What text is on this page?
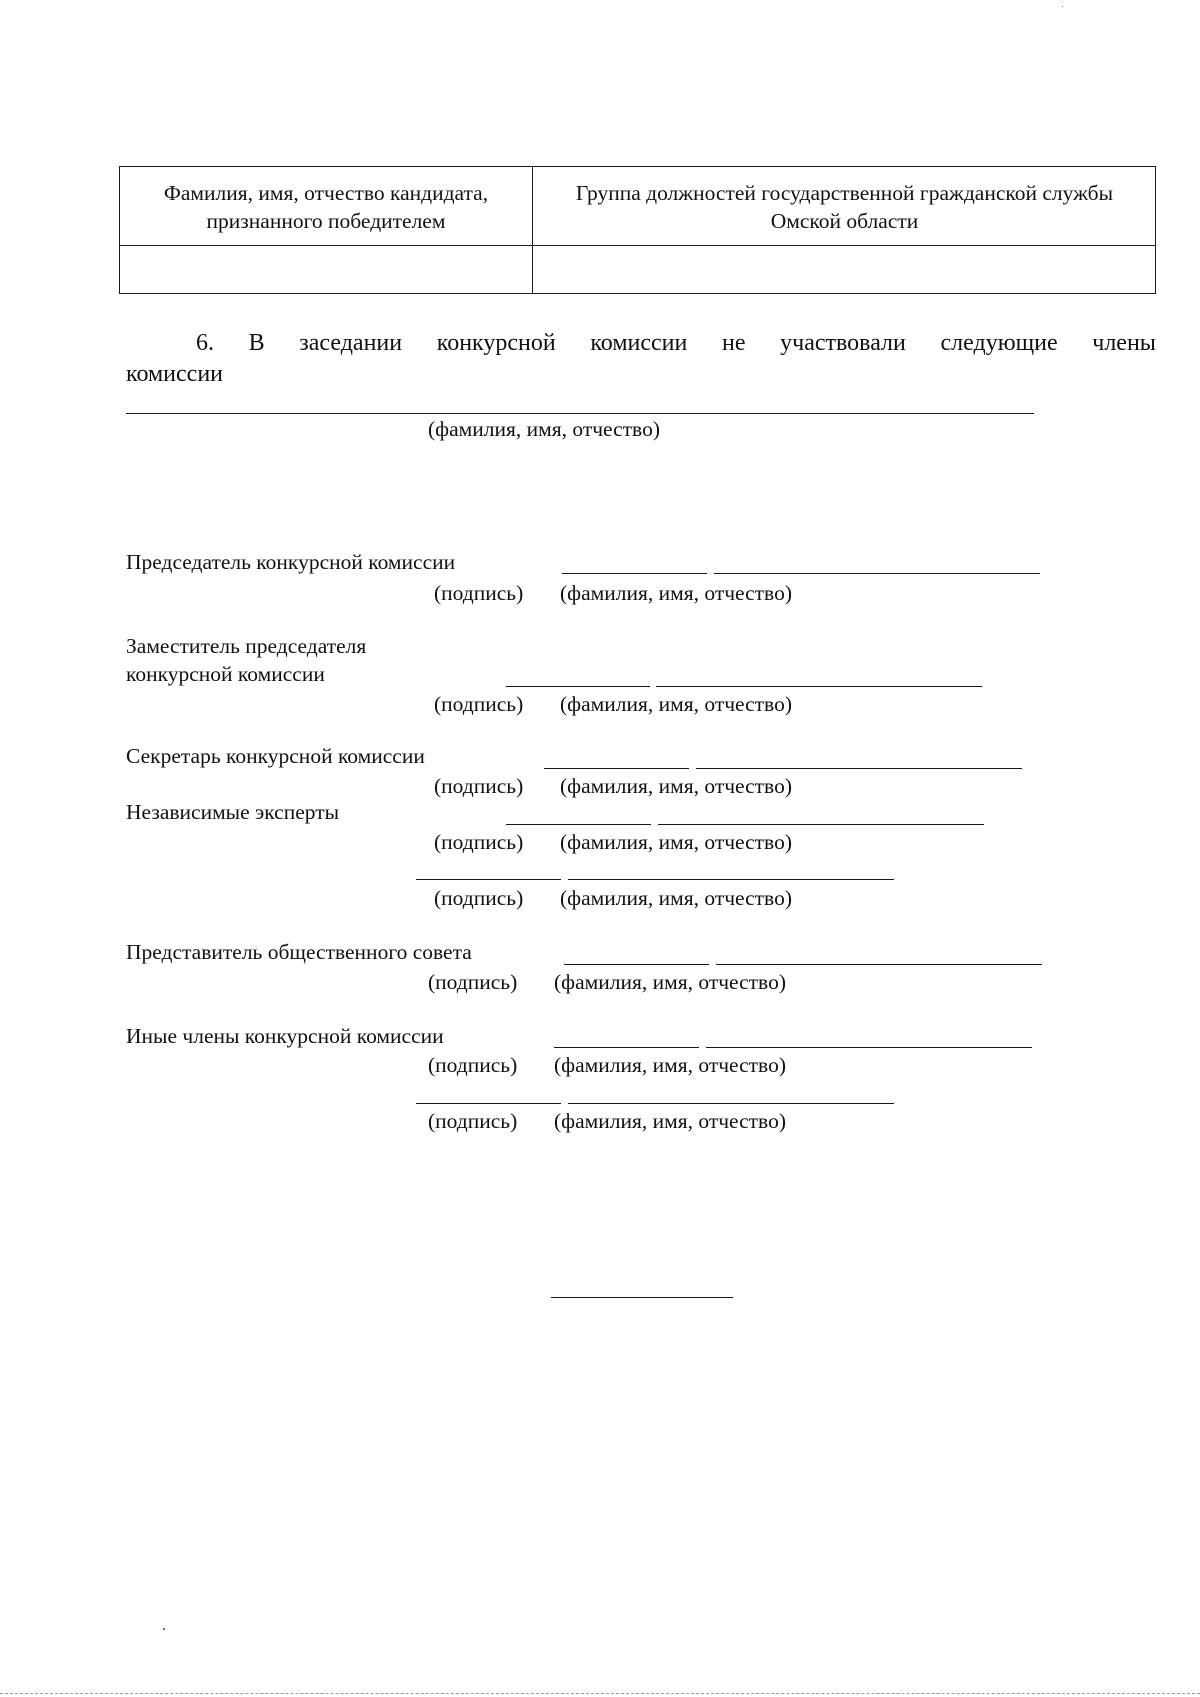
Фамилия, имя, отчество кандидата,
признанного победителем
Группа должностей государственной гражданской службы
Омской области
6. В заседании конкурсной комиссии не участвовали следующие члены
комиссии
(фамилия, имя, отчество)
Председатель конкурсной комиссии
(подпись) (фамилия, имя, отчество)
Заместитель председателя
конкурсной комиссии
(подпись) (фамилия, имя, отчество)
Секретарь конкурсной комиссии
(подпись) (фамилия, имя, отчество)
Независимые эксперты
(подпись) (фамилия, имя, отчество)
(подпись) (фамилия, имя, отчество)
Представитель общественного совета
(подпись) (фамилия, имя, отчество)
Иные члены конкурсной комиссии
(подпись) (фамилия, имя, отчество)
(подпись) (фамилия, имя, отчество)
